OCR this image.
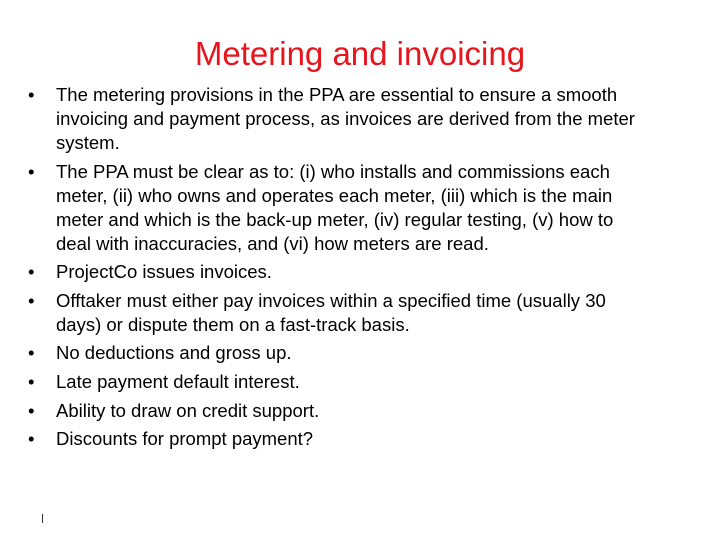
Metering and invoicing
•	The metering provisions in the PPA are essential to ensure a smooth
invoicing and payment process, as invoices are derived from the meter
system.
•	The PPA must be clear as to: (i) who installs and commissions each
meter, (ii) who owns and operates each meter, (iii) which is the main
meter and which is the back-up meter, (iv) regular testing, (v) how to
deal with inaccuracies, and (vi) how meters are read.
•	ProjectCo issues invoices.
•	Offtaker must either pay invoices within a specified time (usually 30
days) or dispute them on a fast-track basis.
•	No deductions and gross up.
•	Late payment default interest.
•	Ability to draw on credit support.
•	Discounts for prompt payment?
